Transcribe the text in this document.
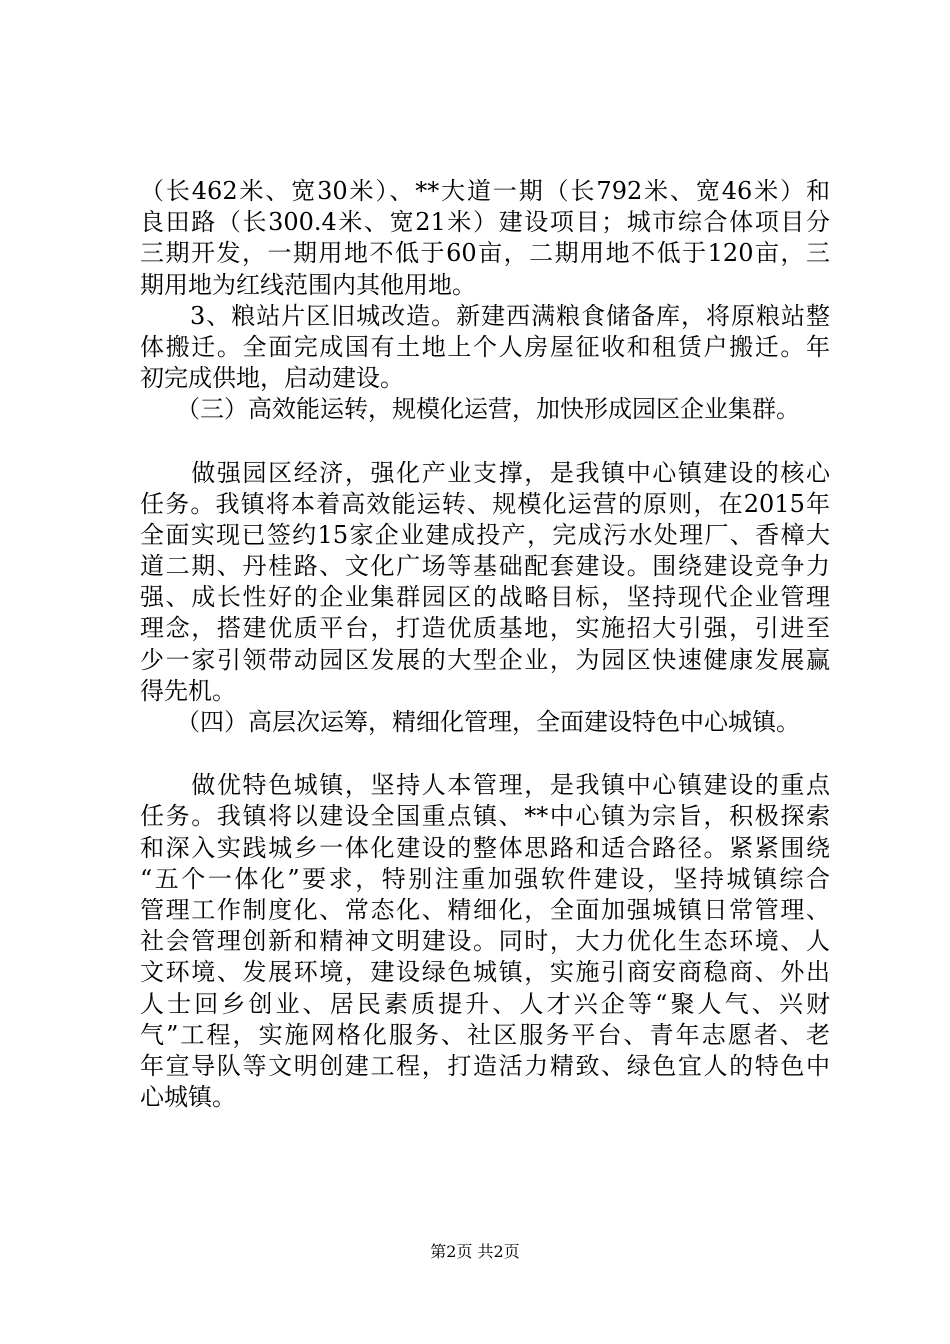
（长462米、宽30米）、**大道一期（长792米、宽46米）和
良田路（长300.4米、宽21米）建设项目；城市综合体项目分
三期开发，一期用地不低于60亩，二期用地不低于120亩，三
期用地为红线范围内其他用地。
　　3、粮站片区旧城改造。新建西满粮食储备库，将原粮站整
体搬迁。全面完成国有土地上个人房屋征收和租赁户搬迁。年
初完成供地，启动建设。
　　（三）高效能运转，规模化运营，加快形成园区企业集群。
　　做强园区经济，强化产业支撑，是我镇中心镇建设的核心
任务。我镇将本着高效能运转、规模化运营的原则，在2015年
全面实现已签约15家企业建成投产，完成污水处理厂、香樟大
道二期、丹桂路、文化广场等基础配套建设。围绕建设竞争力
强、成长性好的企业集群园区的战略目标，坚持现代企业管理
理念，搭建优质平台，打造优质基地，实施招大引强，引进至
少一家引领带动园区发展的大型企业，为园区快速健康发展赢
得先机。
　　（四）高层次运筹，精细化管理，全面建设特色中心城镇。
　　做优特色城镇，坚持人本管理，是我镇中心镇建设的重点
任务。我镇将以建设全国重点镇、**中心镇为宗旨，积极探索
和深入实践城乡一体化建设的整体思路和适合路径。紧紧围绕
“五个一体化”要求，特别注重加强软件建设，坚持城镇综合
管理工作制度化、常态化、精细化，全面加强城镇日常管理、
社会管理创新和精神文明建设。同时，大力优化生态环境、人
文环境、发展环境，建设绿色城镇，实施引商安商稳商、外出
人士回乡创业、居民素质提升、人才兴企等“聚人气、兴财
气”工程，实施网格化服务、社区服务平台、青年志愿者、老
年宣导队等文明创建工程，打造活力精致、绿色宜人的特色中
心城镇。
第2页 共2页
